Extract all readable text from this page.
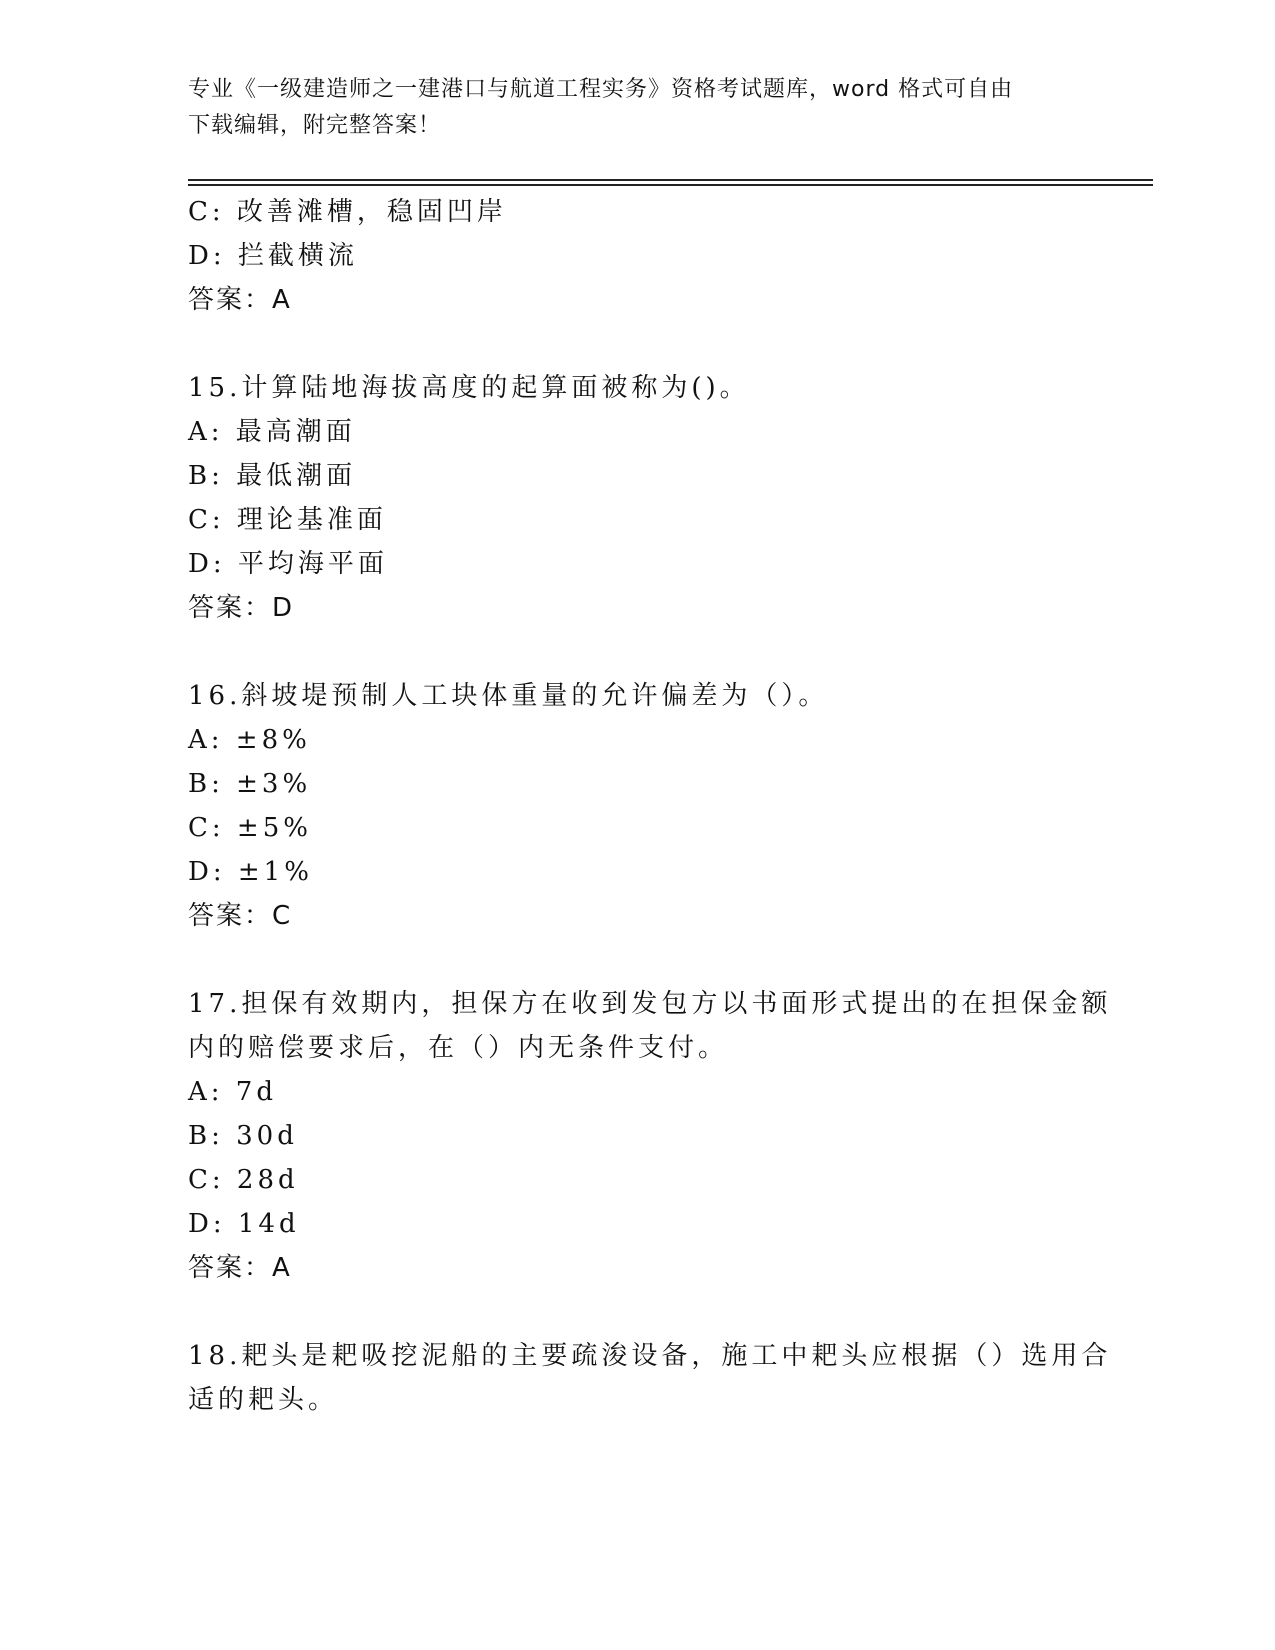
专业《一级建造师之一建港口与航道工程实务》资格考试题库，word 格式可自由
下载编辑，附完整答案！
C: 改善滩槽，稳固凹岸
D: 拦截横流
答案：A
15.计算陆地海拔高度的起算面被称为()。
A: 最高潮面
B: 最低潮面
C: 理论基准面
D: 平均海平面
答案：D
16.斜坡堤预制人工块体重量的允许偏差为（）。
A: ±8%
B: ±3%
C: ±5%
D: ±1%
答案：C
17.担保有效期内，担保方在收到发包方以书面形式提出的在担保金额
内的赔偿要求后，在（）内无条件支付。
A: 7d
B: 30d
C: 28d
D: 14d
答案：A
18.耙头是耙吸挖泥船的主要疏浚设备，施工中耙头应根据（）选用合
适的耙头。
